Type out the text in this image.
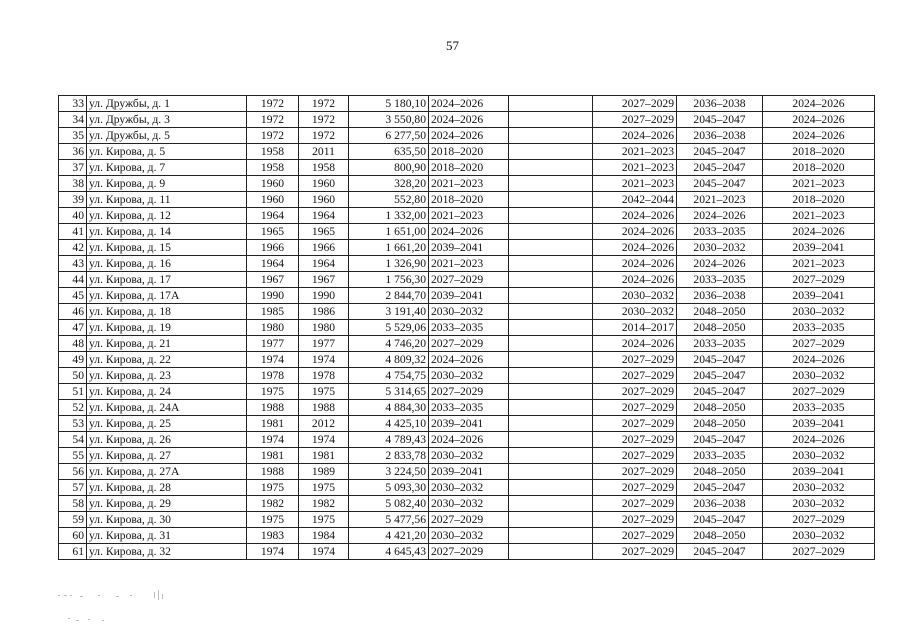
57
33	ул. Дружбы, д. 1	1972	1972	5 180,10	2024–2026		2027–2029	2036–2038	2024–2026
34	ул. Дружбы, д. 3	1972	1972	3 550,80	2024–2026		2027–2029	2045–2047	2024–2026
35	ул. Дружбы, д. 5	1972	1972	6 277,50	2024–2026		2024–2026	2036–2038	2024–2026
36	ул. Кирова, д. 5	1958	2011	635,50	2018–2020		2021–2023	2045–2047	2018–2020
37	ул. Кирова, д. 7	1958	1958	800,90	2018–2020		2021–2023	2045–2047	2018–2020
38	ул. Кирова, д. 9	1960	1960	328,20	2021–2023		2021–2023	2045–2047	2021–2023
39	ул. Кирова, д. 11	1960	1960	552,80	2018–2020		2042–2044	2021–2023	2018–2020
40	ул. Кирова, д. 12	1964	1964	1 332,00	2021–2023		2024–2026	2024–2026	2021–2023
41	ул. Кирова, д. 14	1965	1965	1 651,00	2024–2026		2024–2026	2033–2035	2024–2026
42	ул. Кирова, д. 15	1966	1966	1 661,20	2039–2041		2024–2026	2030–2032	2039–2041
43	ул. Кирова, д. 16	1964	1964	1 326,90	2021–2023		2024–2026	2024–2026	2021–2023
44	ул. Кирова, д. 17	1967	1967	1 756,30	2027–2029		2024–2026	2033–2035	2027–2029
45	ул. Кирова, д. 17А	1990	1990	2 844,70	2039–2041		2030–2032	2036–2038	2039–2041
46	ул. Кирова, д. 18	1985	1986	3 191,40	2030–2032		2030–2032	2048–2050	2030–2032
47	ул. Кирова, д. 19	1980	1980	5 529,06	2033–2035		2014–2017	2048–2050	2033–2035
48	ул. Кирова, д. 21	1977	1977	4 746,20	2027–2029		2024–2026	2033–2035	2027–2029
49	ул. Кирова, д. 22	1974	1974	4 809,32	2024–2026		2027–2029	2045–2047	2024–2026
50	ул. Кирова, д. 23	1978	1978	4 754,75	2030–2032		2027–2029	2045–2047	2030–2032
51	ул. Кирова, д. 24	1975	1975	5 314,65	2027–2029		2027–2029	2045–2047	2027–2029
52	ул. Кирова, д. 24А	1988	1988	4 884,30	2033–2035		2027–2029	2048–2050	2033–2035
53	ул. Кирова, д. 25	1981	2012	4 425,10	2039–2041		2027–2029	2048–2050	2039–2041
54	ул. Кирова, д. 26	1974	1974	4 789,43	2024–2026		2027–2029	2045–2047	2024–2026
55	ул. Кирова, д. 27	1981	1981	2 833,78	2030–2032		2027–2029	2033–2035	2030–2032
56	ул. Кирова, д. 27А	1988	1989	3 224,50	2039–2041		2027–2029	2048–2050	2039–2041
57	ул. Кирова, д. 28	1975	1975	5 093,30	2030–2032		2027–2029	2045–2047	2030–2032
58	ул. Кирова, д. 29	1982	1982	5 082,40	2030–2032		2027–2029	2036–2038	2030–2032
59	ул. Кирова, д. 30	1975	1975	5 477,56	2027–2029		2027–2029	2045–2047	2027–2029
60	ул. Кирова, д. 31	1983	1984	4 421,20	2030–2032		2027–2029	2048–2050	2030–2032
61	ул. Кирова, д. 32	1974	1974	4 645,43	2027–2029		2027–2029	2045–2047	2027–2029
